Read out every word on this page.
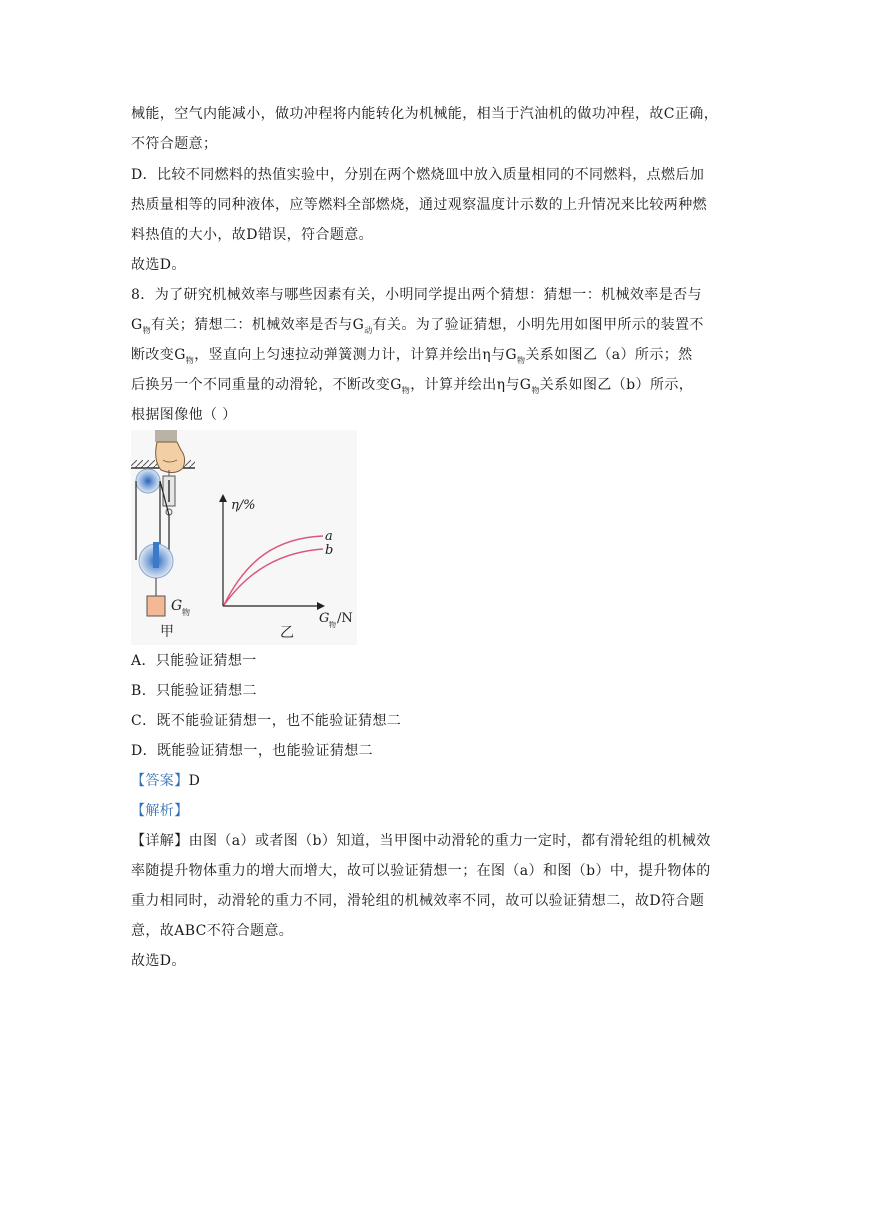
械能，空气内能减小，做功冲程将内能转化为机械能，相当于汽油机的做功冲程，故C正确，
不符合题意；
D．比较不同燃料的热值实验中，分别在两个燃烧皿中放入质量相同的不同燃料，点燃后加
热质量相等的同种液体，应等燃料全部燃烧，通过观察温度计示数的上升情况来比较两种燃
料热值的大小，故D错误，符合题意。
故选D。
8．为了研究机械效率与哪些因素有关，小明同学提出两个猜想：猜想一：机械效率是否与
$G_物$有关；猜想二：机械效率是否与$G_动$有关。为了验证猜想，小明先用如图甲所示的装置不
断改变$G_物$，竖直向上匀速拉动弹簧测力计，计算并绘出η与$G_物$关系如图乙（a）所示；然
后换另一个不同重量的动滑轮，不断改变$G_物$，计算并绘出η与$G_物$关系如图乙（b）所示，
根据图像他（ ）
G 物
甲
η/%
a
b
G 物 /N
乙
A．只能验证猜想一
B．只能验证猜想二
C．既不能验证猜想一，也不能验证猜想二
D．既能验证猜想一，也能验证猜想二
【答案】D
【解析】
【详解】由图（a）或者图（b）知道，当甲图中动滑轮的重力一定时，都有滑轮组的机械效
率随提升物体重力的增大而增大，故可以验证猜想一；在图（a）和图（b）中，提升物体的
重力相同时，动滑轮的重力不同，滑轮组的机械效率不同，故可以验证猜想二，故D符合题
意，故ABC不符合题意。
故选D。
